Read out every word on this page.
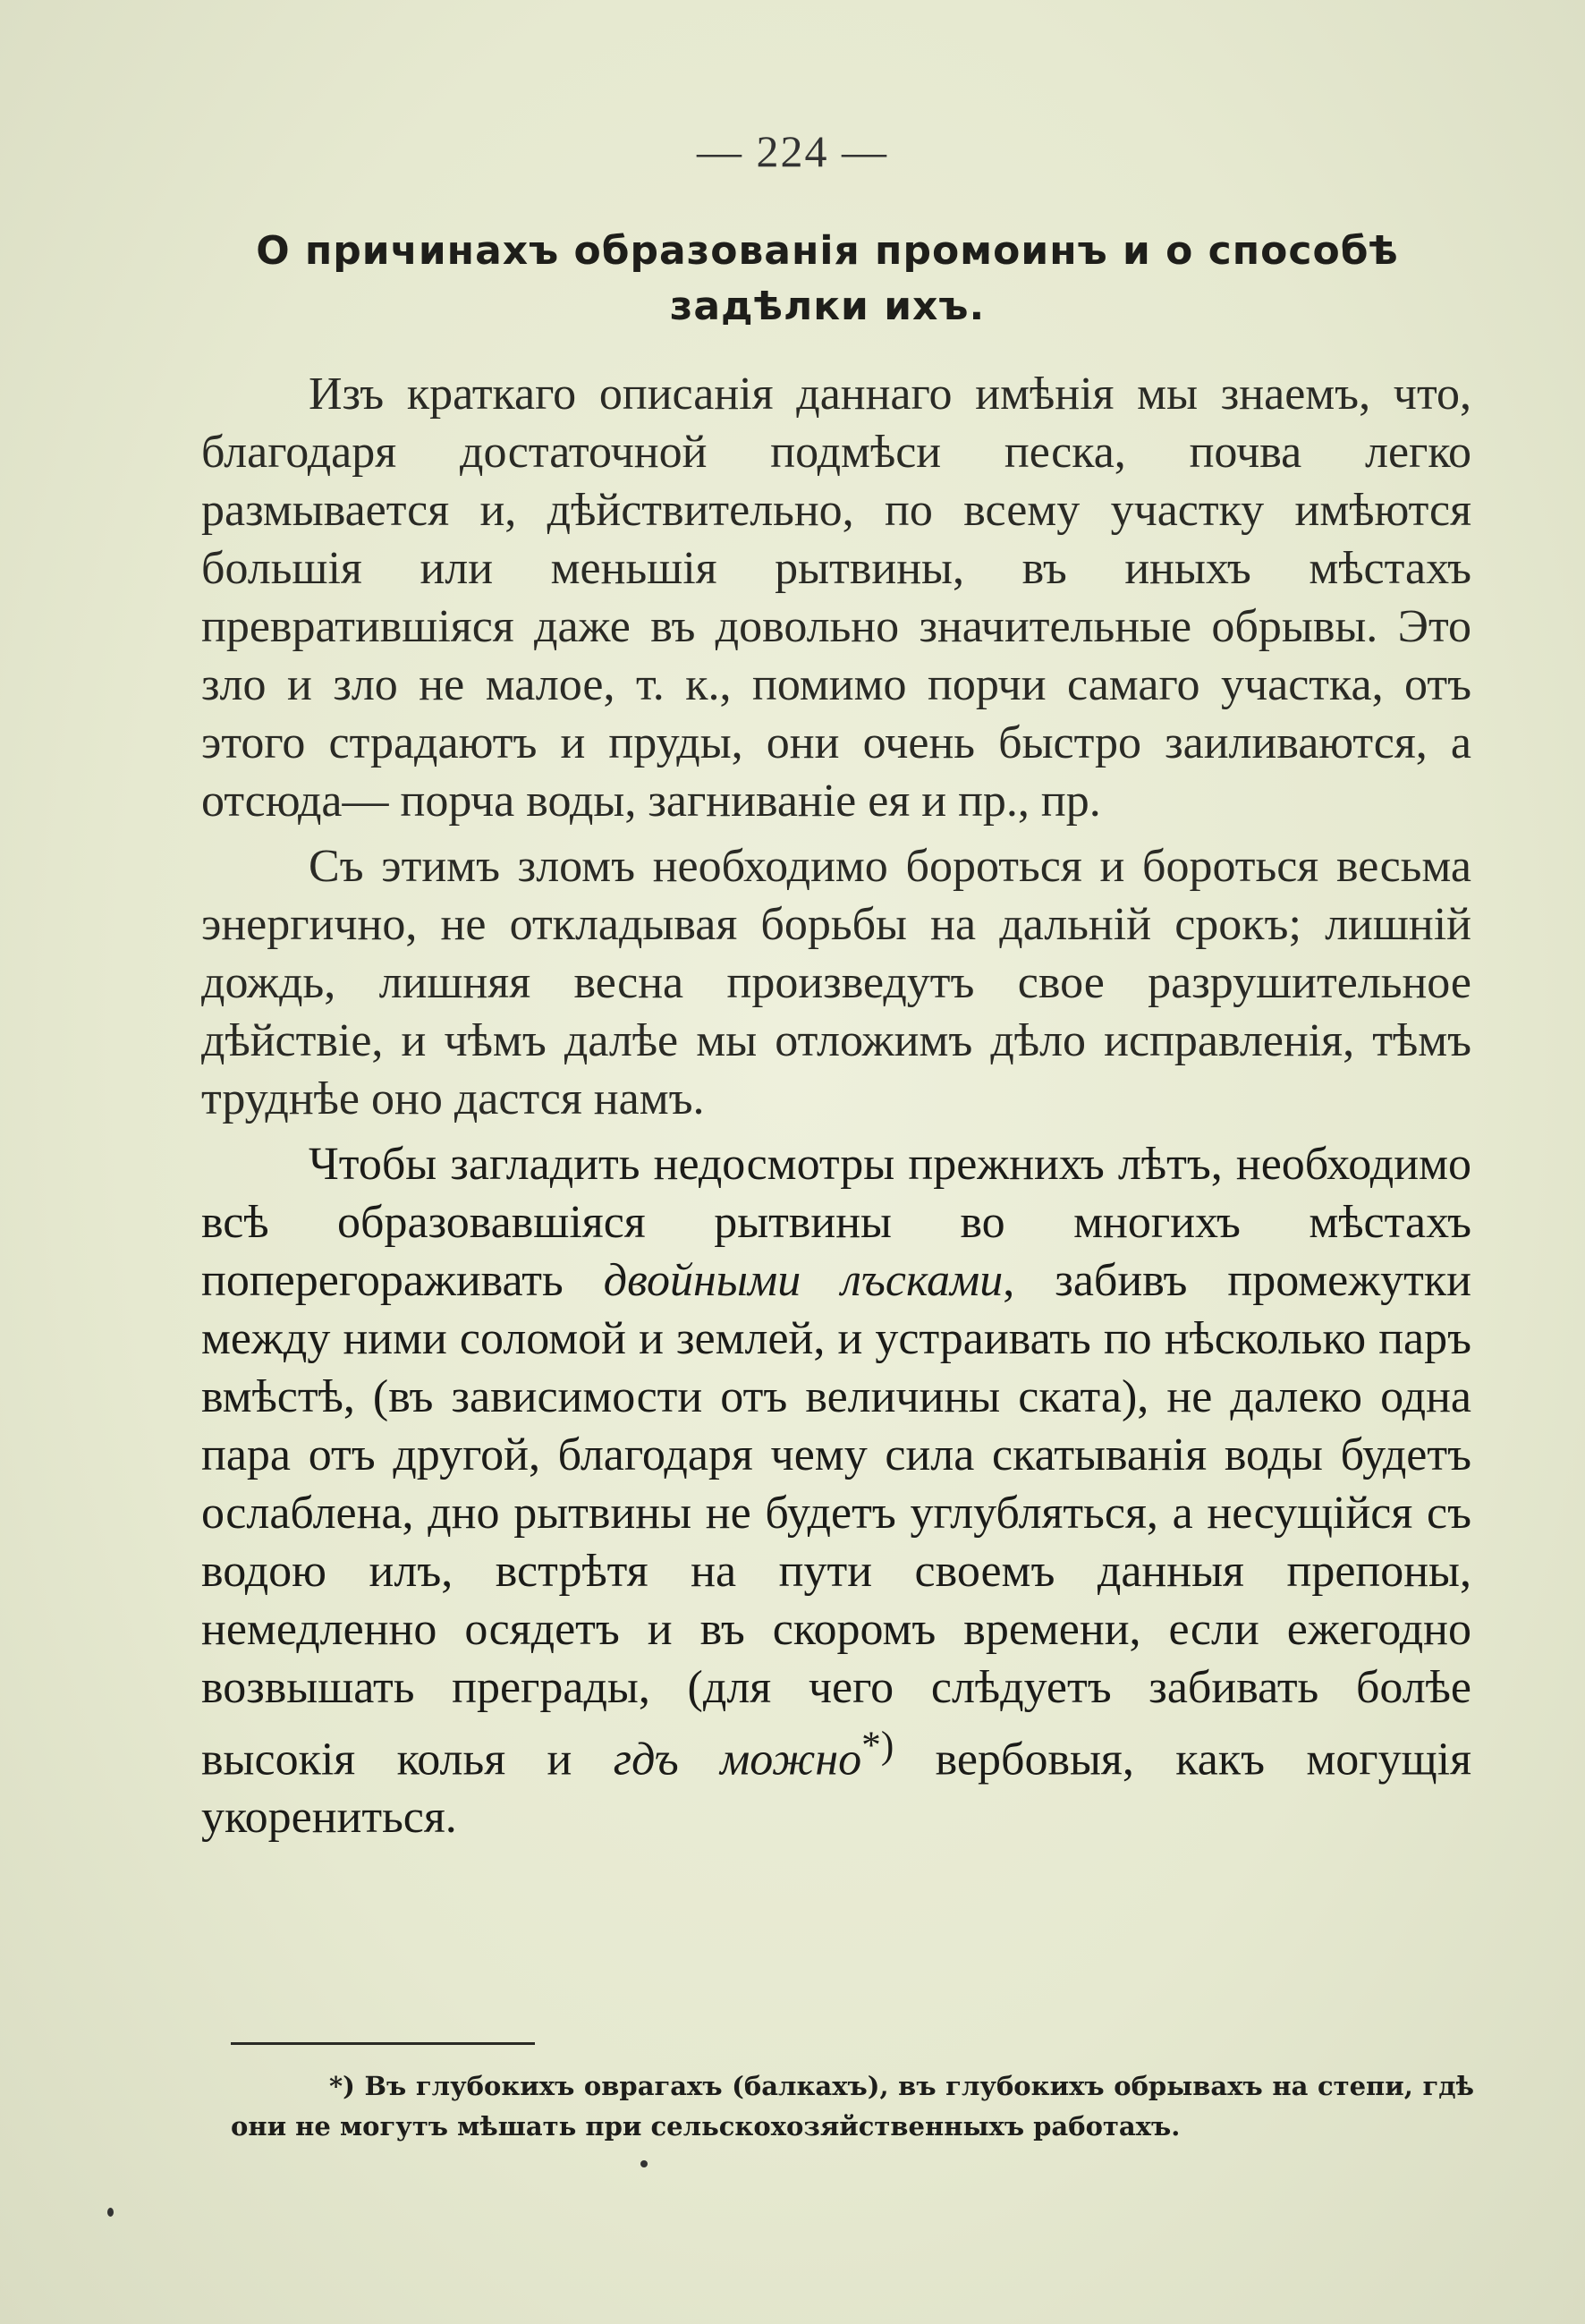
— 224 —
О причинахъ образованія промоинъ и о способѣ задѣлки ихъ.

Изъ краткаго описанія даннаго имѣнія мы знаемъ, что, благодаря достаточной подмѣси песка, почва легко размывается и, дѣйствительно, по всему участку имѣются большія или меньшія рытвины, въ иныхъ мѣстахъ превратившіяся даже въ довольно значительные обрывы. Это зло и зло не малое, т. к., помимо порчи самаго участка, отъ этого страдаютъ и пруды, они очень быстро заиливаются, а отсюда— порча воды, загниваніе ея и пр., пр.

Съ этимъ зломъ необходимо бороться и бороться весьма энергично, не откладывая борьбы на дальній срокъ; лишній дождь, лишняя весна произведутъ свое разрушительное дѣйствіе, и чѣмъ далѣе мы отложимъ дѣло исправленія, тѣмъ труднѣе оно дастся намъ.

Чтобы загладить недосмотры прежнихъ лѣтъ, необходимо всѣ образовавшіяся рытвины во многихъ мѣстахъ поперегораживать двойными лъсками, забивъ промежутки между ними соломой и землей, и устраивать по нѣсколько паръ вмѣстѣ, (въ зависимости отъ величины ската), не далеко одна пара отъ другой, благодаря чему сила скатыванія воды будетъ ослаблена, дно рытвины не будетъ углубляться, а несущійся съ водою илъ, встрѣтя на пути своемъ данныя препоны, немедленно осядетъ и въ скоромъ времени, если ежегодно возвышать преграды, (для чего слѣдуетъ забивать болѣе высокія колья и гдъ можно*) вербовыя, какъ могущія укорениться.

*) Въ глубокихъ оврагахъ (балкахъ), въ глубокихъ обрывахъ на степи, гдѣ они не могутъ мѣшать при сельскохозяйственныхъ работахъ.
